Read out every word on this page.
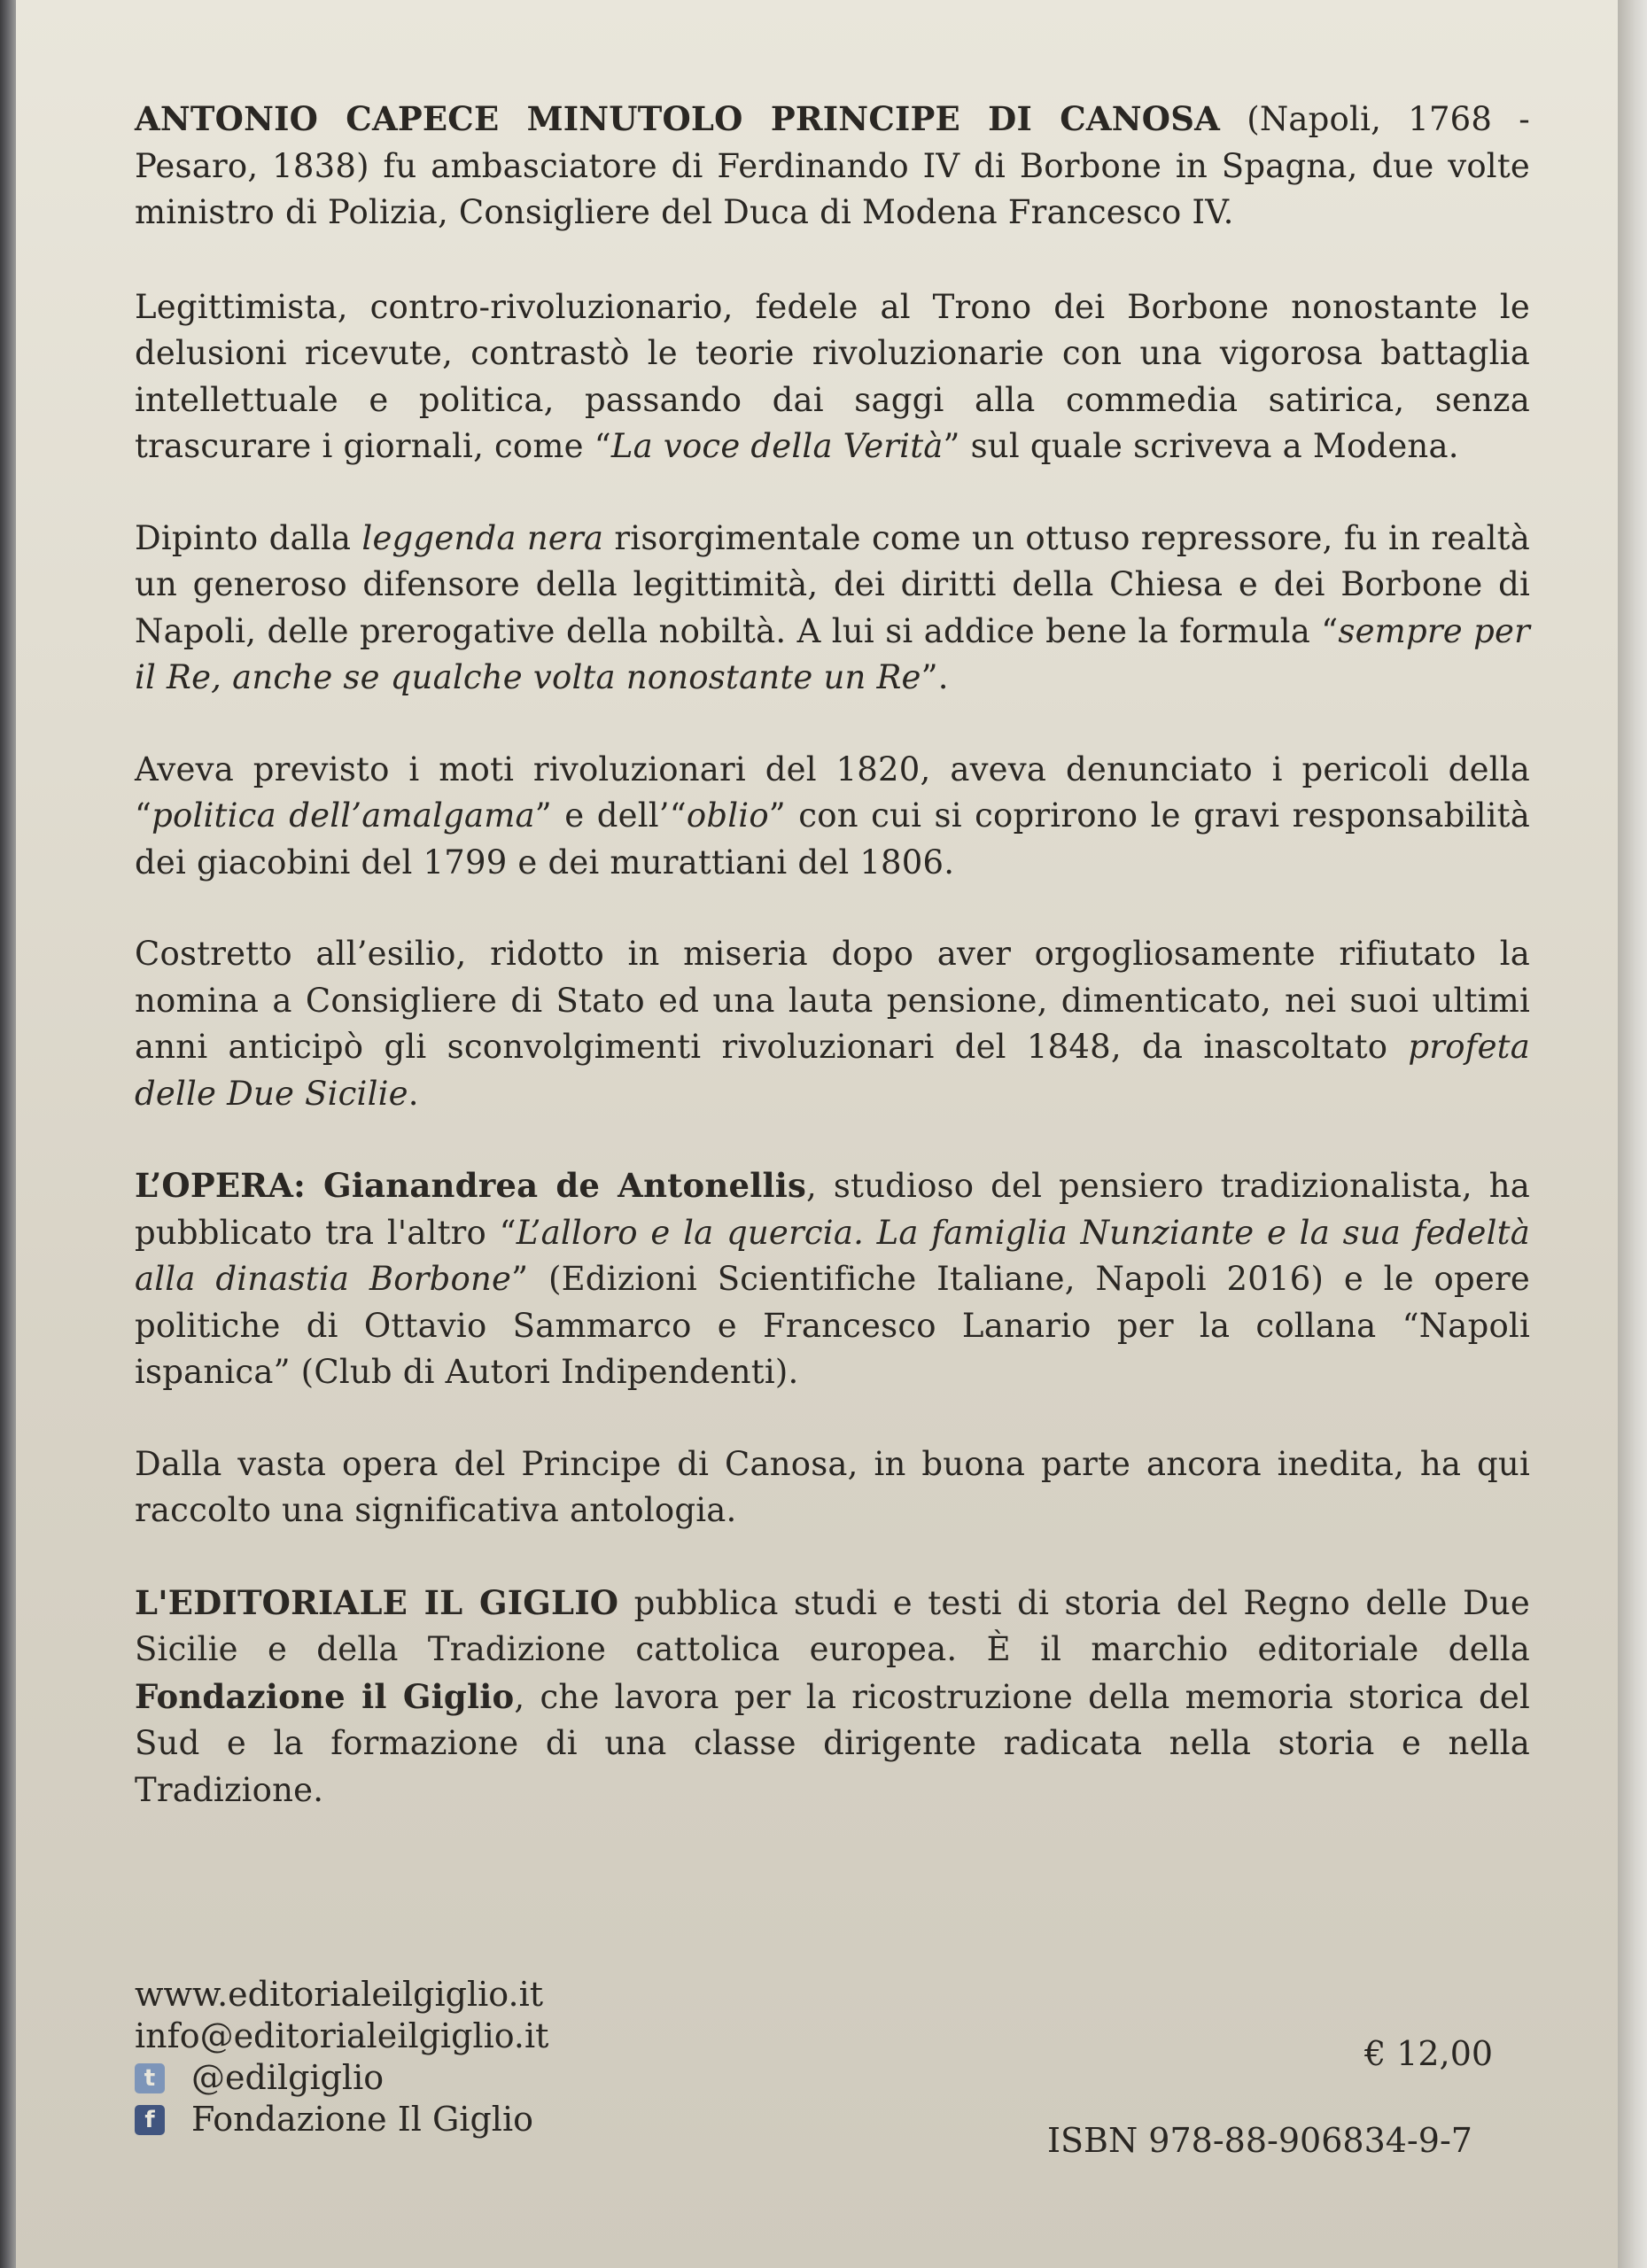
ANTONIO CAPECE MINUTOLO PRINCIPE DI CANOSA (Napoli, 1768 - Pesaro, 1838) fu ambasciatore di Ferdinando IV di Borbone in Spagna, due volte ministro di Polizia, Consigliere del Duca di Modena Francesco IV.

Legittimista, contro-rivoluzionario, fedele al Trono dei Borbone nonostante le delusioni ricevute, contrastò le teorie rivoluzionarie con una vigorosa battaglia intellettuale e politica, passando dai saggi alla commedia satirica, senza trascurare i giornali, come “La voce della Verità” sul quale scriveva a Modena.

Dipinto dalla leggenda nera risorgimentale come un ottuso repressore, fu in realtà un generoso difensore della legittimità, dei diritti della Chiesa e dei Borbone di Napoli, delle prerogative della nobiltà. A lui si addice bene la formula “sempre per il Re, anche se qualche volta nonostante un Re”.

Aveva previsto i moti rivoluzionari del 1820, aveva denunciato i pericoli della “politica dell’amalgama” e dell’“oblio” con cui si coprirono le gravi responsabilità dei giacobini del 1799 e dei murattiani del 1806.

Costretto all’esilio, ridotto in miseria dopo aver orgogliosamente rifiutato la nomina a Consigliere di Stato ed una lauta pensione, dimenticato, nei suoi ultimi anni anticipò gli sconvolgimenti rivoluzionari del 1848, da inascoltato profeta delle Due Sicilie.

L’OPERA: Gianandrea de Antonellis, studioso del pensiero tradizionalista, ha pubblicato tra l'altro “L’alloro e la quercia. La famiglia Nunziante e la sua fedeltà alla dinastia Borbone” (Edizioni Scientifiche Italiane, Napoli 2016) e le opere politiche di Ottavio Sammarco e Francesco Lanario per la collana “Napoli ispanica” (Club di Autori Indipendenti).

Dalla vasta opera del Principe di Canosa, in buona parte ancora inedita, ha qui raccolto una significativa antologia.

L'EDITORIALE IL GIGLIO pubblica studi e testi di storia del Regno delle Due Sicilie e della Tradizione cattolica europea. È il marchio editoriale della Fondazione il Giglio, che lavora per la ricostruzione della memoria storica del Sud e la formazione di una classe dirigente radicata nella storia e nella Tradizione.

www.editorialeilgiglio.it
info@editorialeilgiglio.it
t @edilgiglio
f Fondazione Il Giglio
€ 12,00
ISBN 978-88-906834-9-7
